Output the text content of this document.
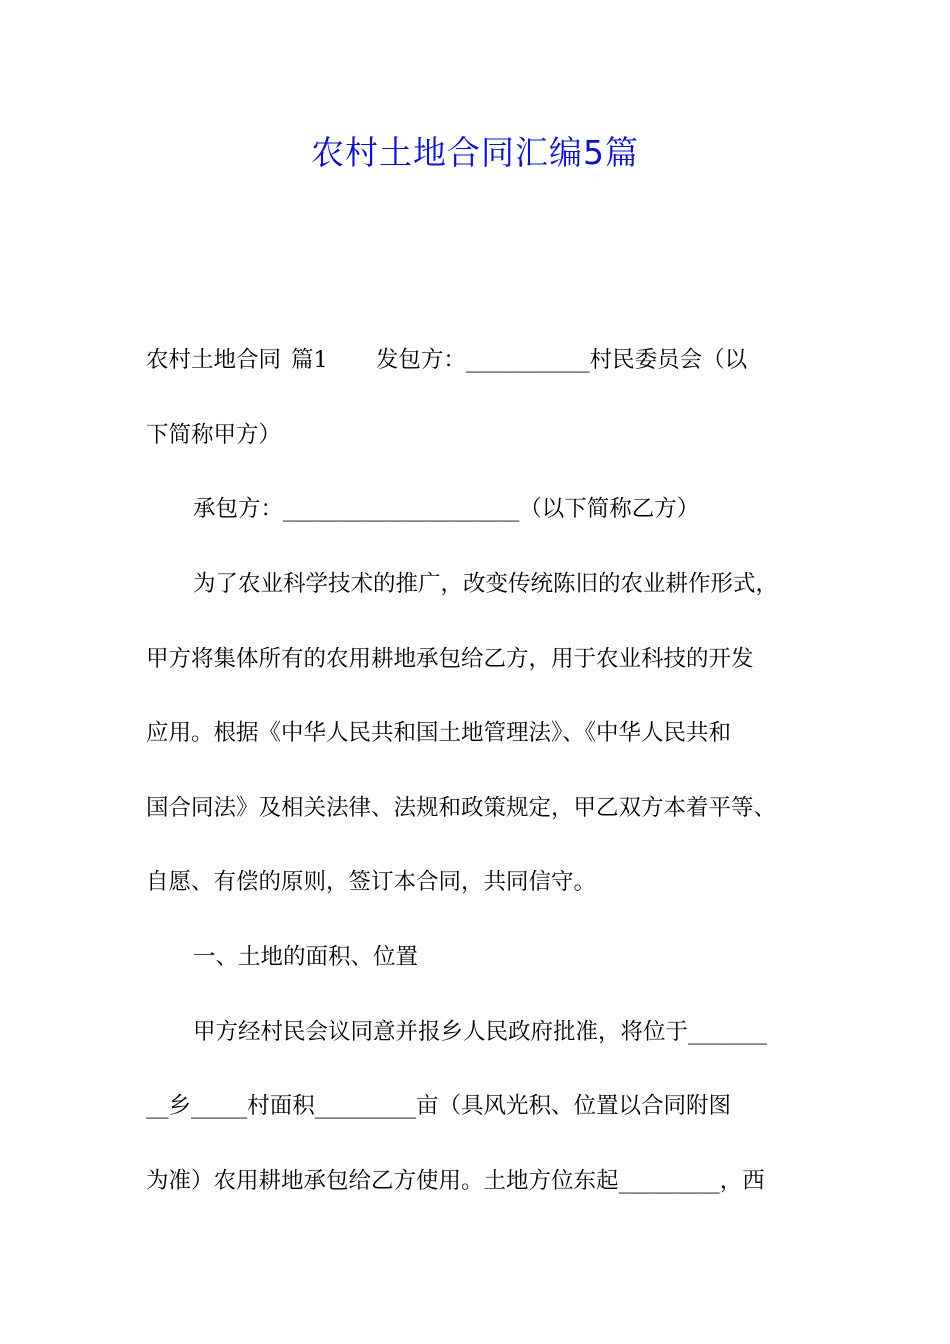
农村土地合同汇编5篇
农村土地合同 篇1 发包方：___________村民委员会（以
下简称甲方）
承包方：_____________________（以下简称乙方）
为了农业科学技术的推广，改变传统陈旧的农业耕作形式，
甲方将集体所有的农用耕地承包给乙方，用于农业科技的开发
应用。根据《中华人民共和国土地管理法》、《中华人民共和
国合同法》及相关法律、法规和政策规定，甲乙双方本着平等、
自愿、有偿的原则，签订本合同，共同信守。
一、土地的面积、位置
甲方经村民会议同意并报乡人民政府批准，将位于_______
__乡_____村面积_________亩（具风光积、位置以合同附图
为准）农用耕地承包给乙方使用。土地方位东起_________，西
